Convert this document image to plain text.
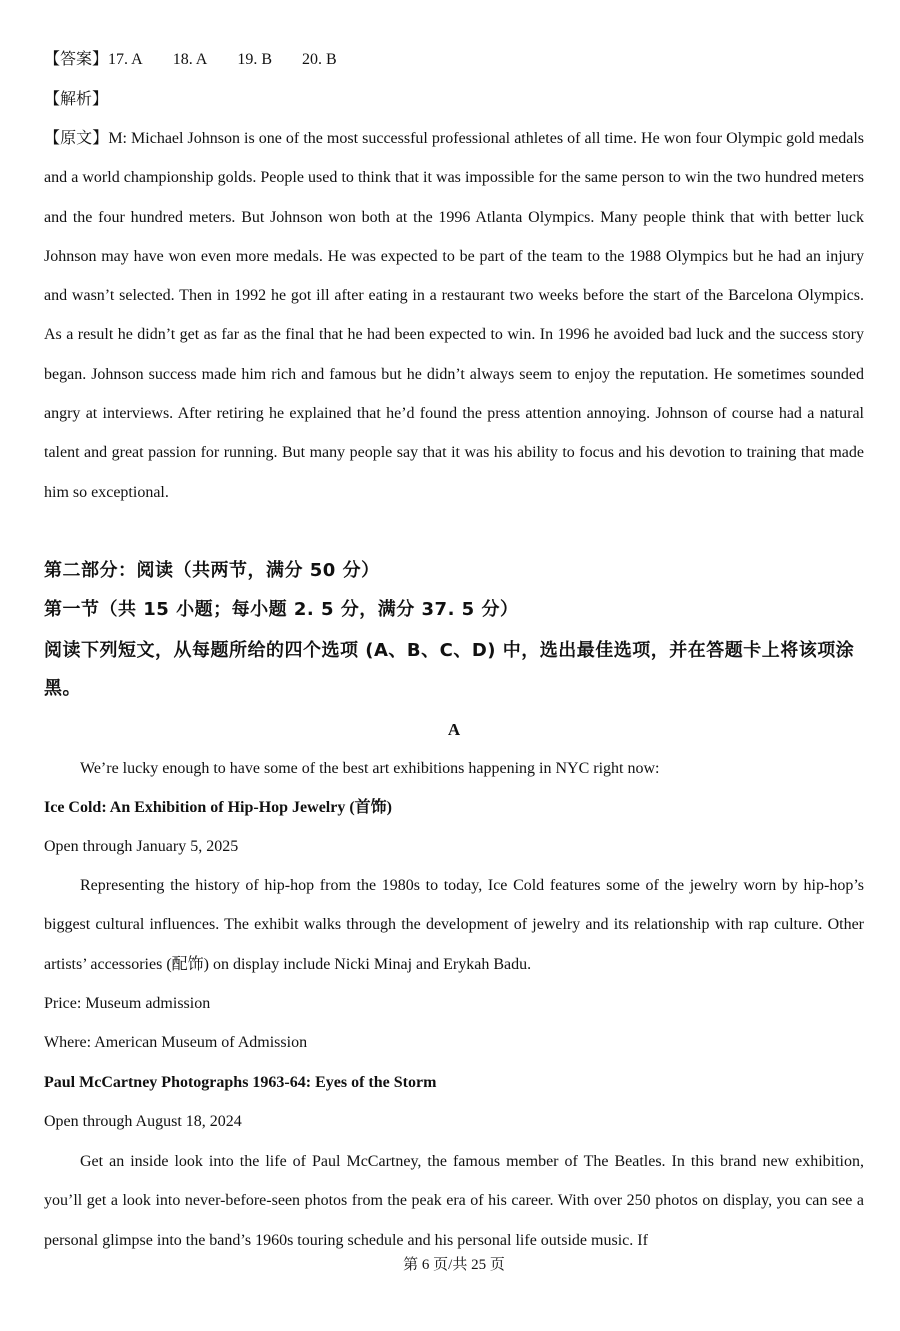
【答案】17. A 18. A 19. B 20. B
【解析】
【原文】M: Michael Johnson is one of the most successful professional athletes of all time. He won four Olympic gold medals and a world championship golds. People used to think that it was impossible for the same person to win the two hundred meters and the four hundred meters. But Johnson won both at the 1996 Atlanta Olympics. Many people think that with better luck Johnson may have won even more medals. He was expected to be part of the team to the 1988 Olympics but he had an injury and wasn’t selected. Then in 1992 he got ill after eating in a restaurant two weeks before the start of the Barcelona Olympics. As a result he didn’t get as far as the final that he had been expected to win. In 1996 he avoided bad luck and the success story began. Johnson success made him rich and famous but he didn’t always seem to enjoy the reputation. He sometimes sounded angry at interviews. After retiring he explained that he’d found the press attention annoying. Johnson of course had a natural talent and great passion for running. But many people say that it was his ability to focus and his devotion to training that made him so exceptional.
第二部分：阅读（共两节，满分 50 分）
第一节（共 15 小题；每小题 2. 5 分，满分 37. 5 分）
阅读下列短文，从每题所给的四个选项 (A、B、C、D) 中，选出最佳选项，并在答题卡上将该项涂黑。
A
We’re lucky enough to have some of the best art exhibitions happening in NYC right now:
Ice Cold: An Exhibition of Hip-Hop Jewelry (首饰)
Open through January 5, 2025
Representing the history of hip-hop from the 1980s to today, Ice Cold features some of the jewelry worn by hip-hop’s biggest cultural influences. The exhibit walks through the development of jewelry and its relationship with rap culture. Other artists’ accessories (配饰) on display include Nicki Minaj and Erykah Badu.
Price: Museum admission
Where: American Museum of Admission
Paul McCartney Photographs 1963-64: Eyes of the Storm
Open through August 18, 2024
Get an inside look into the life of Paul McCartney, the famous member of The Beatles. In this brand new exhibition, you’ll get a look into never-before-seen photos from the peak era of his career. With over 250 photos on display, you can see a personal glimpse into the band’s 1960s touring schedule and his personal life outside music. If
第 6 页/共 25 页
